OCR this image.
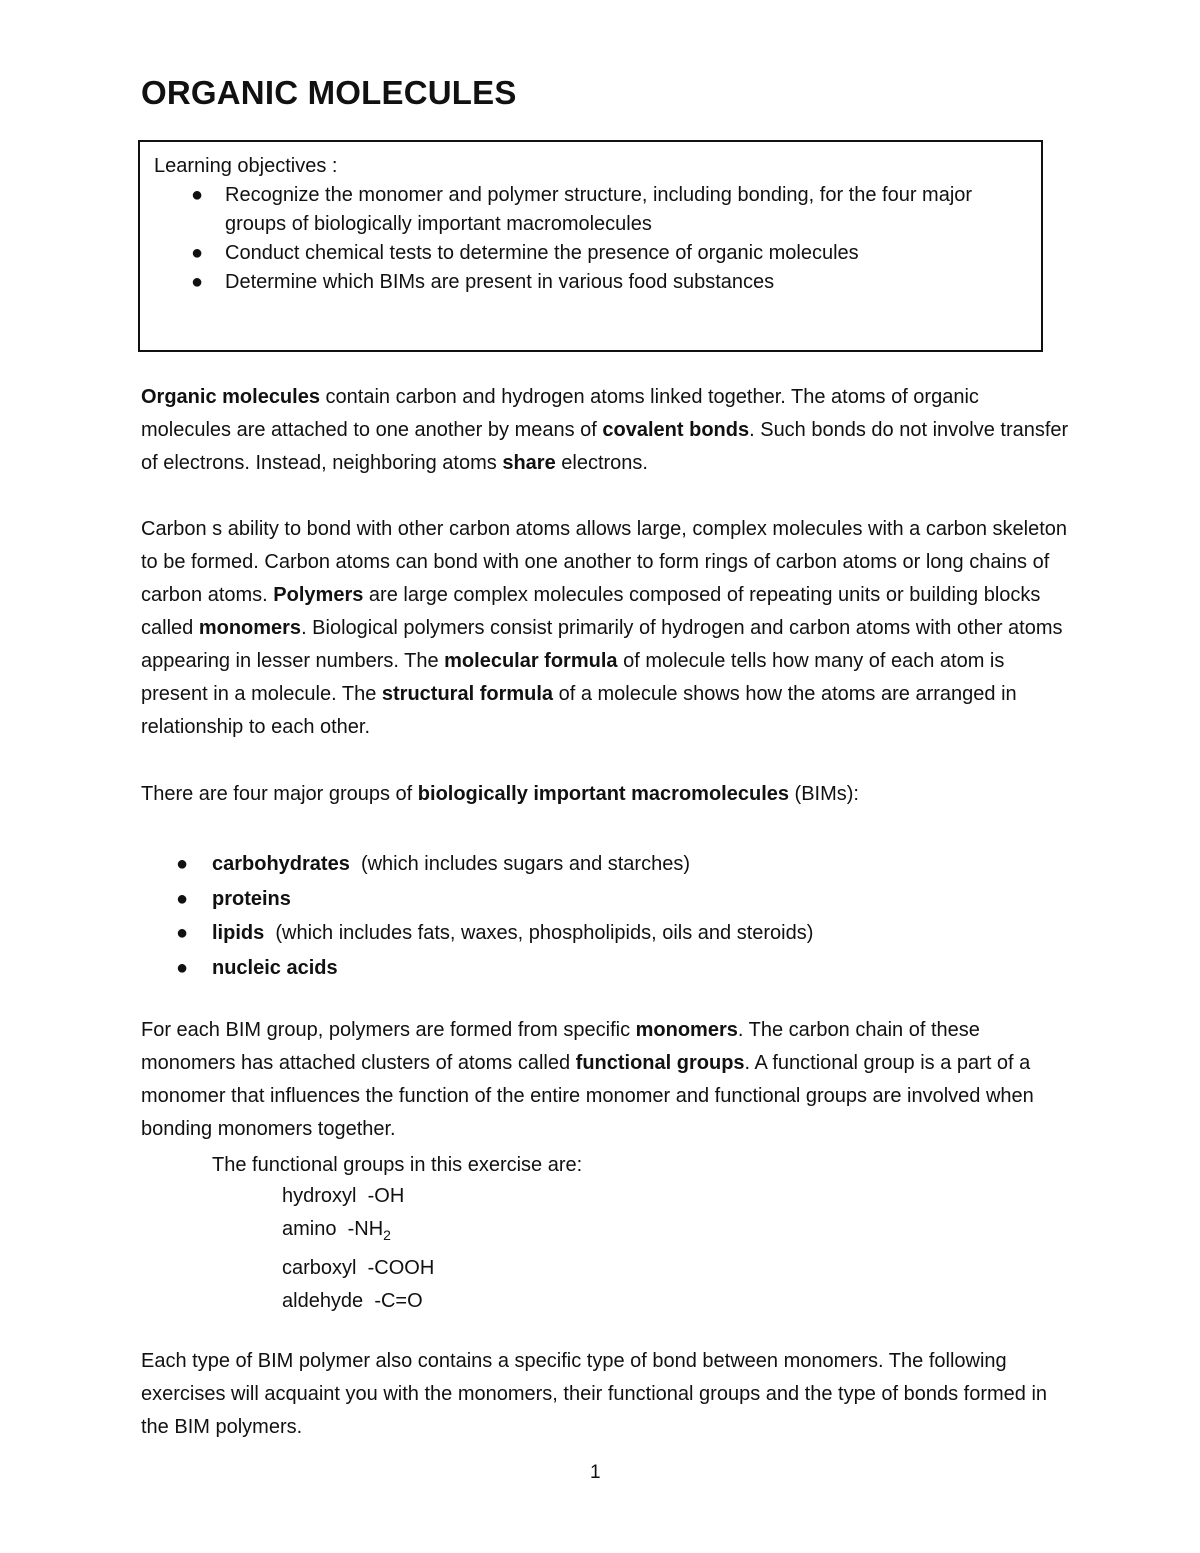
ORGANIC MOLECULES
Learning objectives :
● Recognize the monomer and polymer structure, including bonding, for the four major groups of biologically important macromolecules
● Conduct chemical tests to determine the presence of organic molecules
● Determine which BIMs are present in various food substances

Organic molecules contain carbon and hydrogen atoms linked together. The atoms of organic molecules are attached to one another by means of covalent bonds. Such bonds do not involve transfer of electrons. Instead, neighboring atoms share electrons.

Carbon s ability to bond with other carbon atoms allows large, complex molecules with a carbon skeleton to be formed. Carbon atoms can bond with one another to form rings of carbon atoms or long chains of carbon atoms. Polymers are large complex molecules composed of repeating units or building blocks called monomers. Biological polymers consist primarily of hydrogen and carbon atoms with other atoms appearing in lesser numbers. The molecular formula of molecule tells how many of each atom is present in a molecule. The structural formula of a molecule shows how the atoms are arranged in relationship to each other.

There are four major groups of biologically important macromolecules (BIMs):

● carbohydrates  (which includes sugars and starches)
● proteins
● lipids  (which includes fats, waxes, phospholipids, oils and steroids)
● nucleic acids

For each BIM group, polymers are formed from specific monomers. The carbon chain of these monomers has attached clusters of atoms called functional groups. A functional group is a part of a monomer that influences the function of the entire monomer and functional groups are involved when bonding monomers together.

The functional groups in this exercise are:

hydroxyl -OH
amino $-NH_2$
carboxyl -COOH
aldehyde -C=O

Each type of BIM polymer also contains a specific type of bond between monomers. The following exercises will acquaint you with the monomers, their functional groups and the type of bonds formed in the BIM polymers.

1
